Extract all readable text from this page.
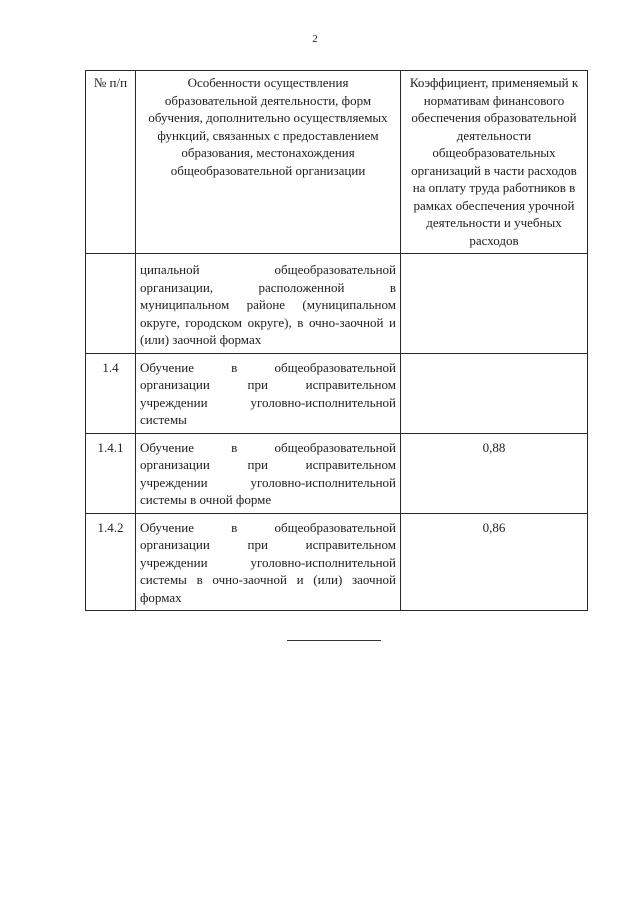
2
№ п/п	Особенности осуществления образовательной деятельности, форм обучения, дополнительно осуществляемых функций, связанных с предоставлением образования, местонахождения общеобразовательной организации	Коэффициент, применяемый к нормативам финансового обеспечения образовательной деятельности общеобразовательных организаций в части расходов на оплату труда работников в рамках обеспечения урочной деятельности и учебных расходов
	ципальной общеобразовательной организации, расположенной в муниципальном районе (муниципальном округе, городском округе), в очно-заочной и (или) заочной формах	
1.4	Обучение в общеобразовательной организации при исправительном учреждении уголовно-исполнительной системы	
1.4.1	Обучение в общеобразовательной организации при исправительном учреждении уголовно-исполнительной системы в очной форме	0,88
1.4.2	Обучение в общеобразовательной организации при исправительном учреждении уголовно-исполнительной системы в очно-заочной и (или) заочной формах	0,86
